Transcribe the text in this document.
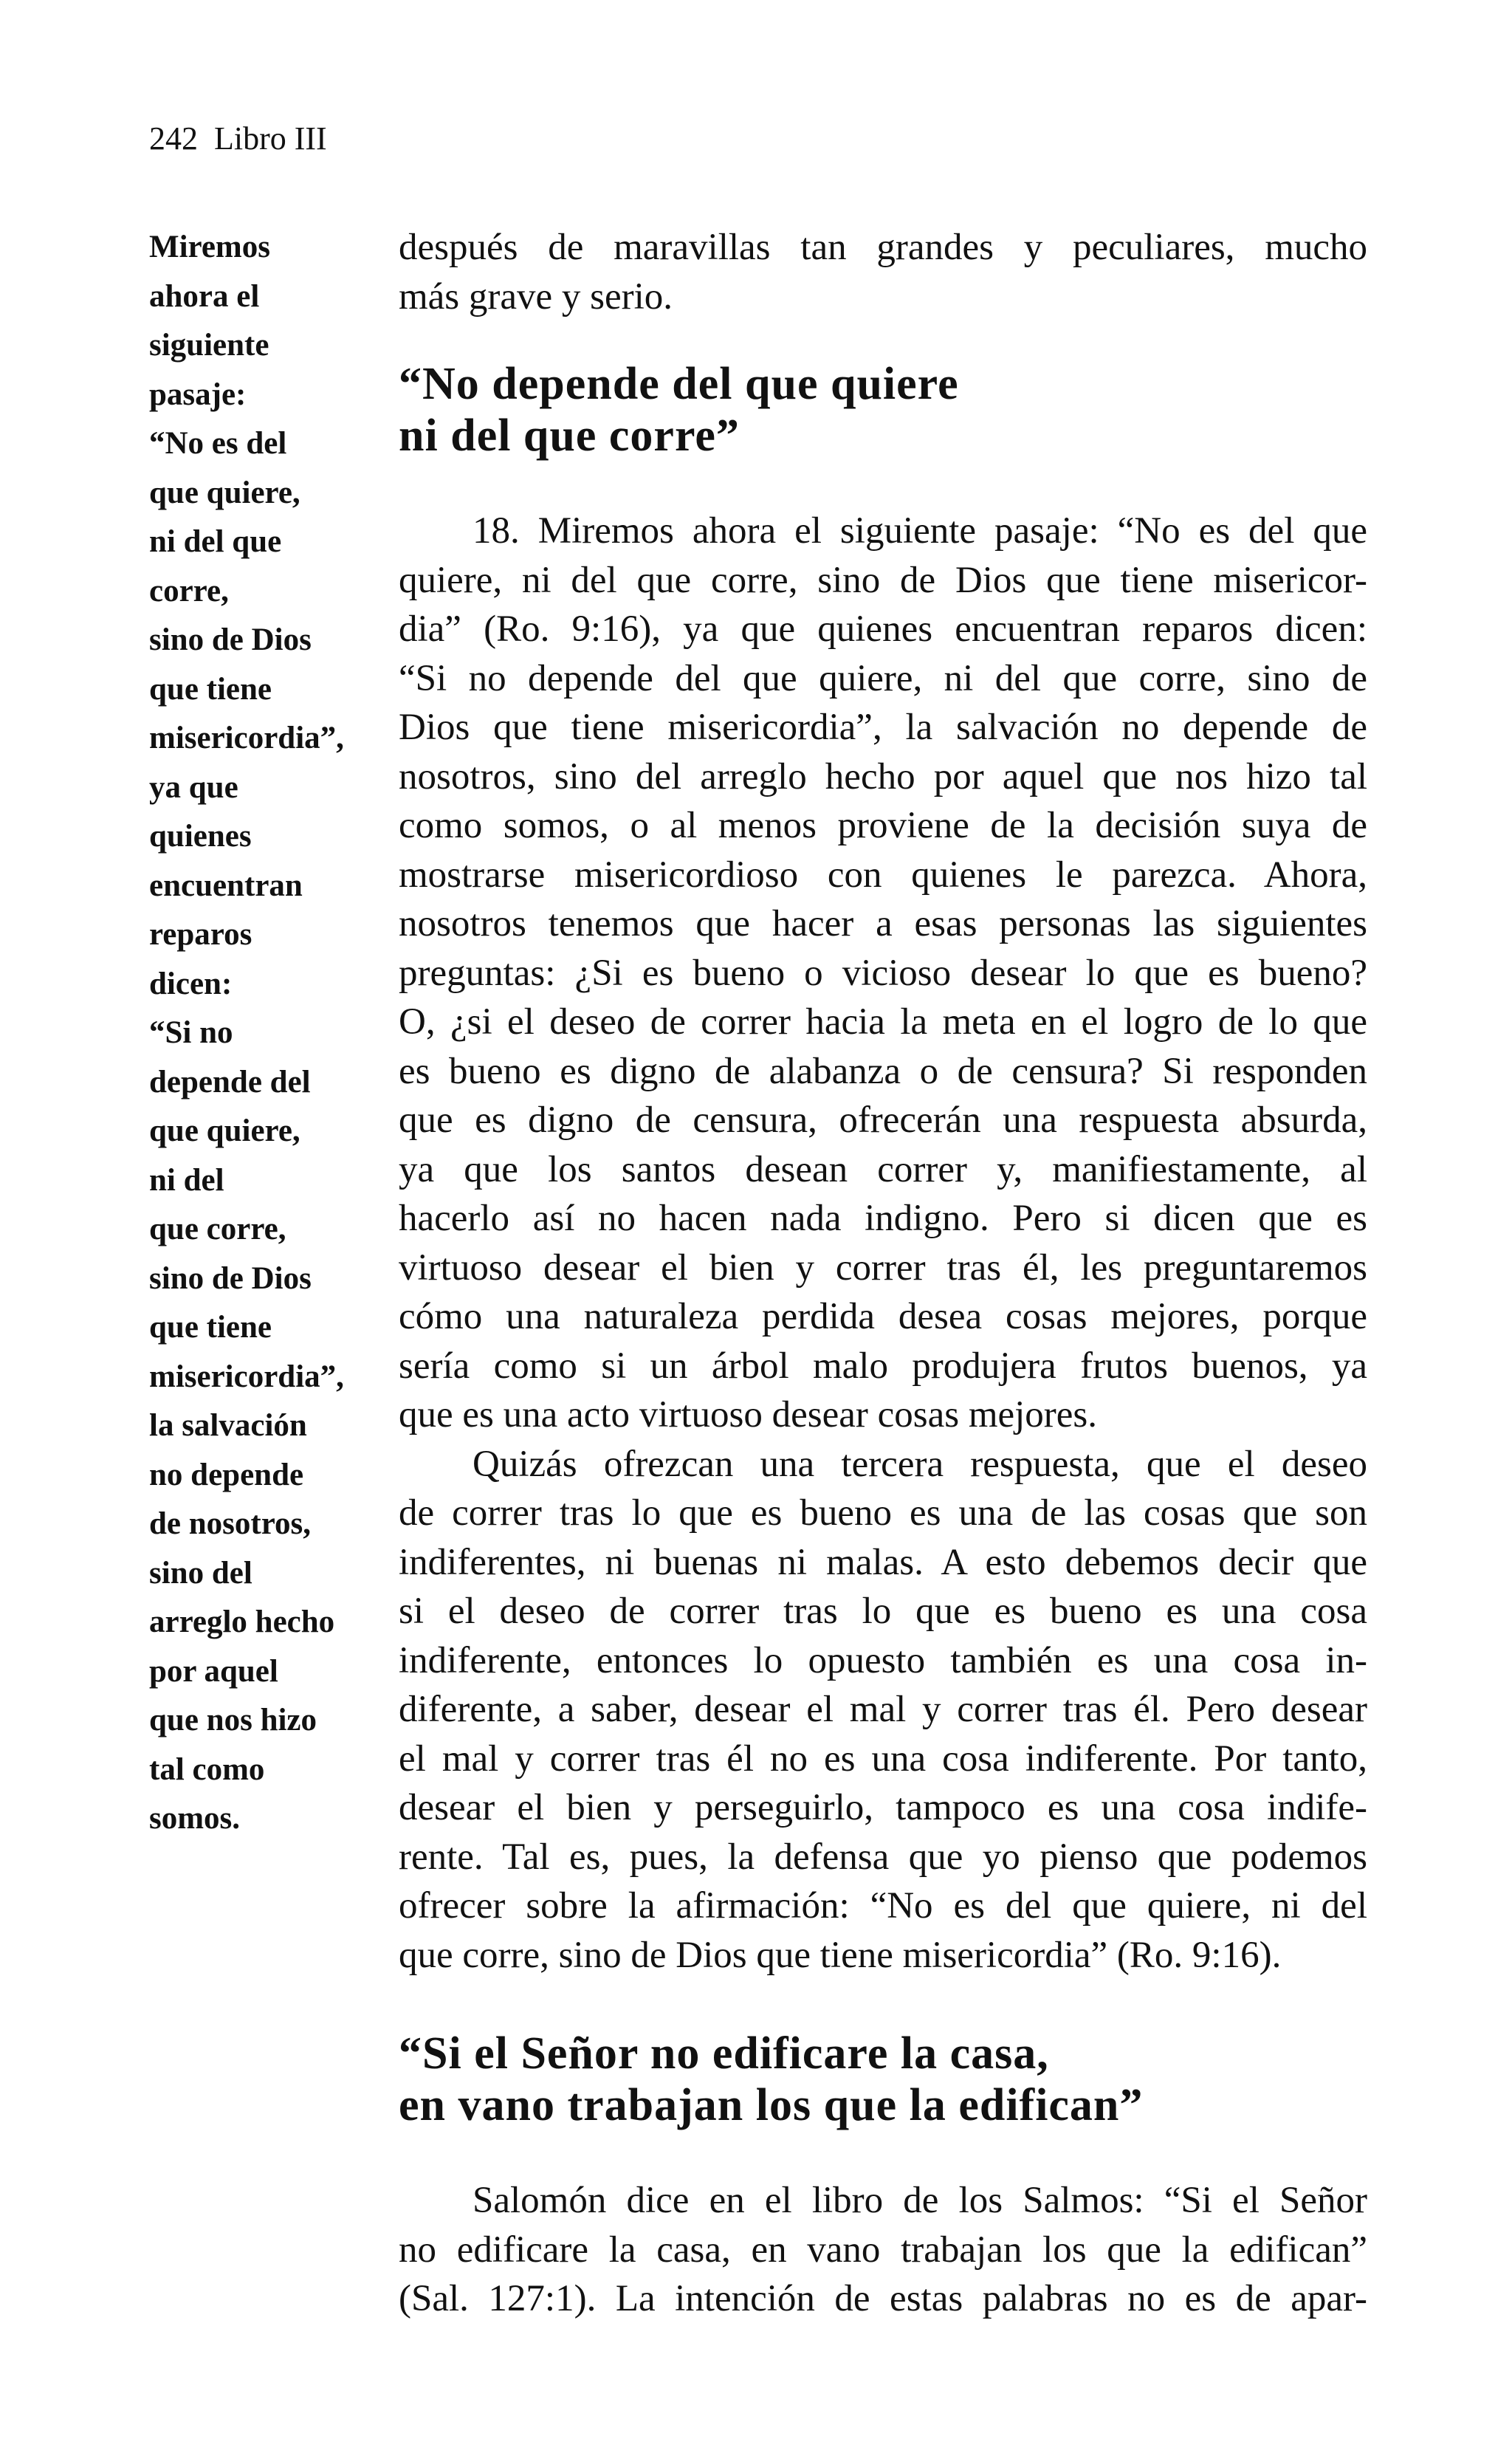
242 Libro III
Miremos
ahora el
siguiente
pasaje:
“No es del
que quiere,
ni del que
corre,
sino de Dios
que tiene
misericordia”,
ya que
quienes
encuentran
reparos
dicen:
“Si no
depende del
que quiere,
ni del
que corre,
sino de Dios
que tiene
misericordia”,
la salvación
no depende
de nosotros,
sino del
arreglo hecho
por aquel
que nos hizo
tal como
somos.
después de maravillas tan grandes y peculiares, mucho
más grave y serio.
“No depende del que quiere
ni del que corre”
18. Miremos ahora el siguiente pasaje: “No es del que
quiere, ni del que corre, sino de Dios que tiene misericor-
dia” (Ro. 9:16), ya que quienes encuentran reparos dicen:
“Si no depende del que quiere, ni del que corre, sino de
Dios que tiene misericordia”, la salvación no depende de
nosotros, sino del arreglo hecho por aquel que nos hizo tal
como somos, o al menos proviene de la decisión suya de
mostrarse misericordioso con quienes le parezca. Ahora,
nosotros tenemos que hacer a esas personas las siguientes
preguntas: ¿Si es bueno o vicioso desear lo que es bueno?
O, ¿si el deseo de correr hacia la meta en el logro de lo que
es bueno es digno de alabanza o de censura? Si responden
que es digno de censura, ofrecerán una respuesta absurda,
ya que los santos desean correr y, manifiestamente, al
hacerlo así no hacen nada indigno. Pero si dicen que es
virtuoso desear el bien y correr tras él, les preguntaremos
cómo una naturaleza perdida desea cosas mejores, porque
sería como si un árbol malo produjera frutos buenos, ya
que es una acto virtuoso desear cosas mejores.
Quizás ofrezcan una tercera respuesta, que el deseo
de correr tras lo que es bueno es una de las cosas que son
indiferentes, ni buenas ni malas. A esto debemos decir que
si el deseo de correr tras lo que es bueno es una cosa
indiferente, entonces lo opuesto también es una cosa in-
diferente, a saber, desear el mal y correr tras él. Pero desear
el mal y correr tras él no es una cosa indiferente. Por tanto,
desear el bien y perseguirlo, tampoco es una cosa indife-
rente. Tal es, pues, la defensa que yo pienso que podemos
ofrecer sobre la afirmación: “No es del que quiere, ni del
que corre, sino de Dios que tiene misericordia” (Ro. 9:16).
“Si el Señor no edificare la casa,
en vano trabajan los que la edifican”
Salomón dice en el libro de los Salmos: “Si el Señor
no edificare la casa, en vano trabajan los que la edifican”
(Sal. 127:1). La intención de estas palabras no es de apar-
